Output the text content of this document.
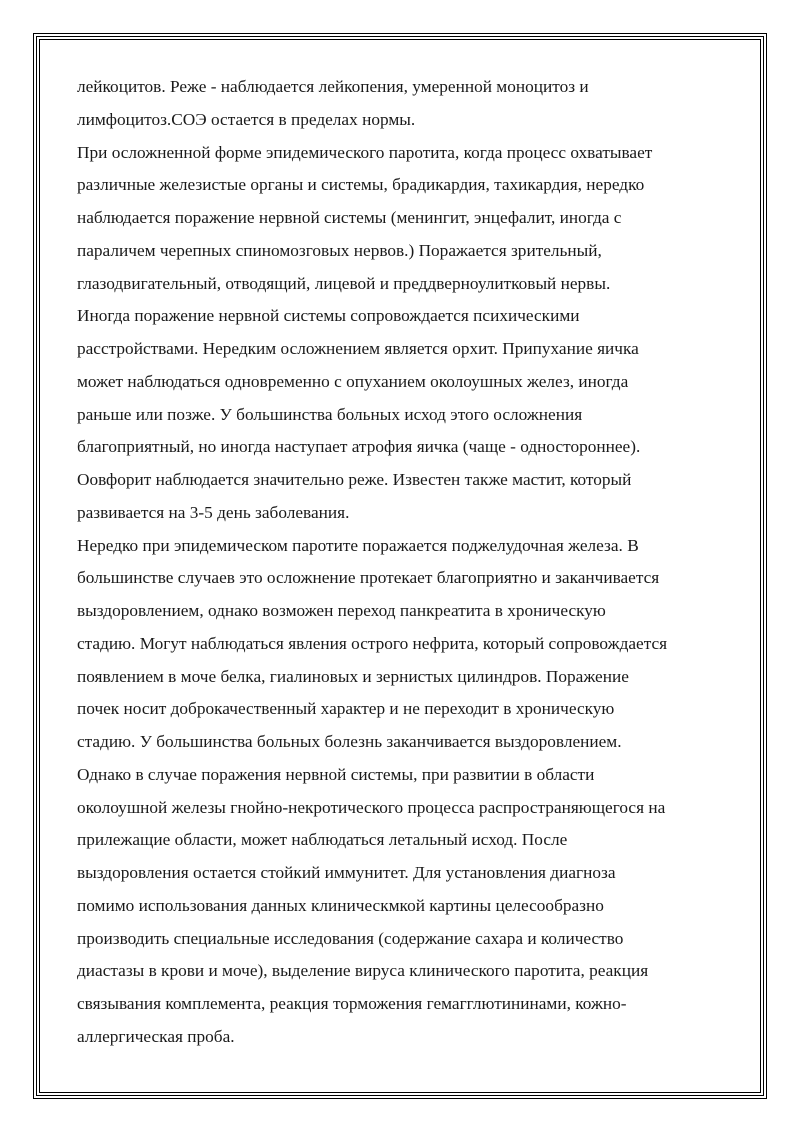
лейкоцитов. Реже - наблюдается лейкопения, умеренной моноцитоз и
лимфоцитоз.СОЭ остается в пределах нормы.
При осложненной форме эпидемического паротита, когда процесс охватывает
различные железистые органы и системы, брадикардия, тахикардия, нередко
наблюдается поражение нервной системы (менингит, энцефалит, иногда с
параличем черепных спиномозговых нервов.) Поражается зрительный,
глазодвигательный, отводящий, лицевой и преддверноулитковый нервы.
Иногда поражение нервной системы сопровождается психическими
расстройствами. Нередким осложнением является орхит. Припухание яичка
может наблюдаться одновременно с опуханием околоушных желез, иногда
раньше или позже. У большинства больных исход этого осложнения
благоприятный, но иногда наступает атрофия яичка (чаще - одностороннее).
Оовфорит наблюдается значительно реже. Известен также мастит, который
развивается на 3-5 день заболевания.
Нередко при эпидемическом паротите поражается поджелудочная железа. В
большинстве случаев это осложнение протекает благоприятно и заканчивается
выздоровлением, однако возможен переход панкреатита в хроническую
стадию. Могут наблюдаться явления острого нефрита, который сопровождается
появлением в моче белка, гиалиновых и зернистых цилиндров. Поражение
почек носит доброкачественный характер и не переходит в хроническую
стадию. У большинства больных болезнь заканчивается выздоровлением.
Однако в случае поражения нервной системы, при развитии в области
околоушной железы гнойно-некротического процесса распространяющегося на
прилежащие области, может наблюдаться летальный исход. После
выздоровления остается стойкий иммунитет. Для установления диагноза
помимо использования данных клиническмкой картины целесообразно
производить специальные исследования (содержание сахара и количество
диастазы в крови и моче), выделение вируса клинического паротита, реакция
связывания комплемента, реакция торможения гемагглютининами, кожно-
аллергическая проба.
